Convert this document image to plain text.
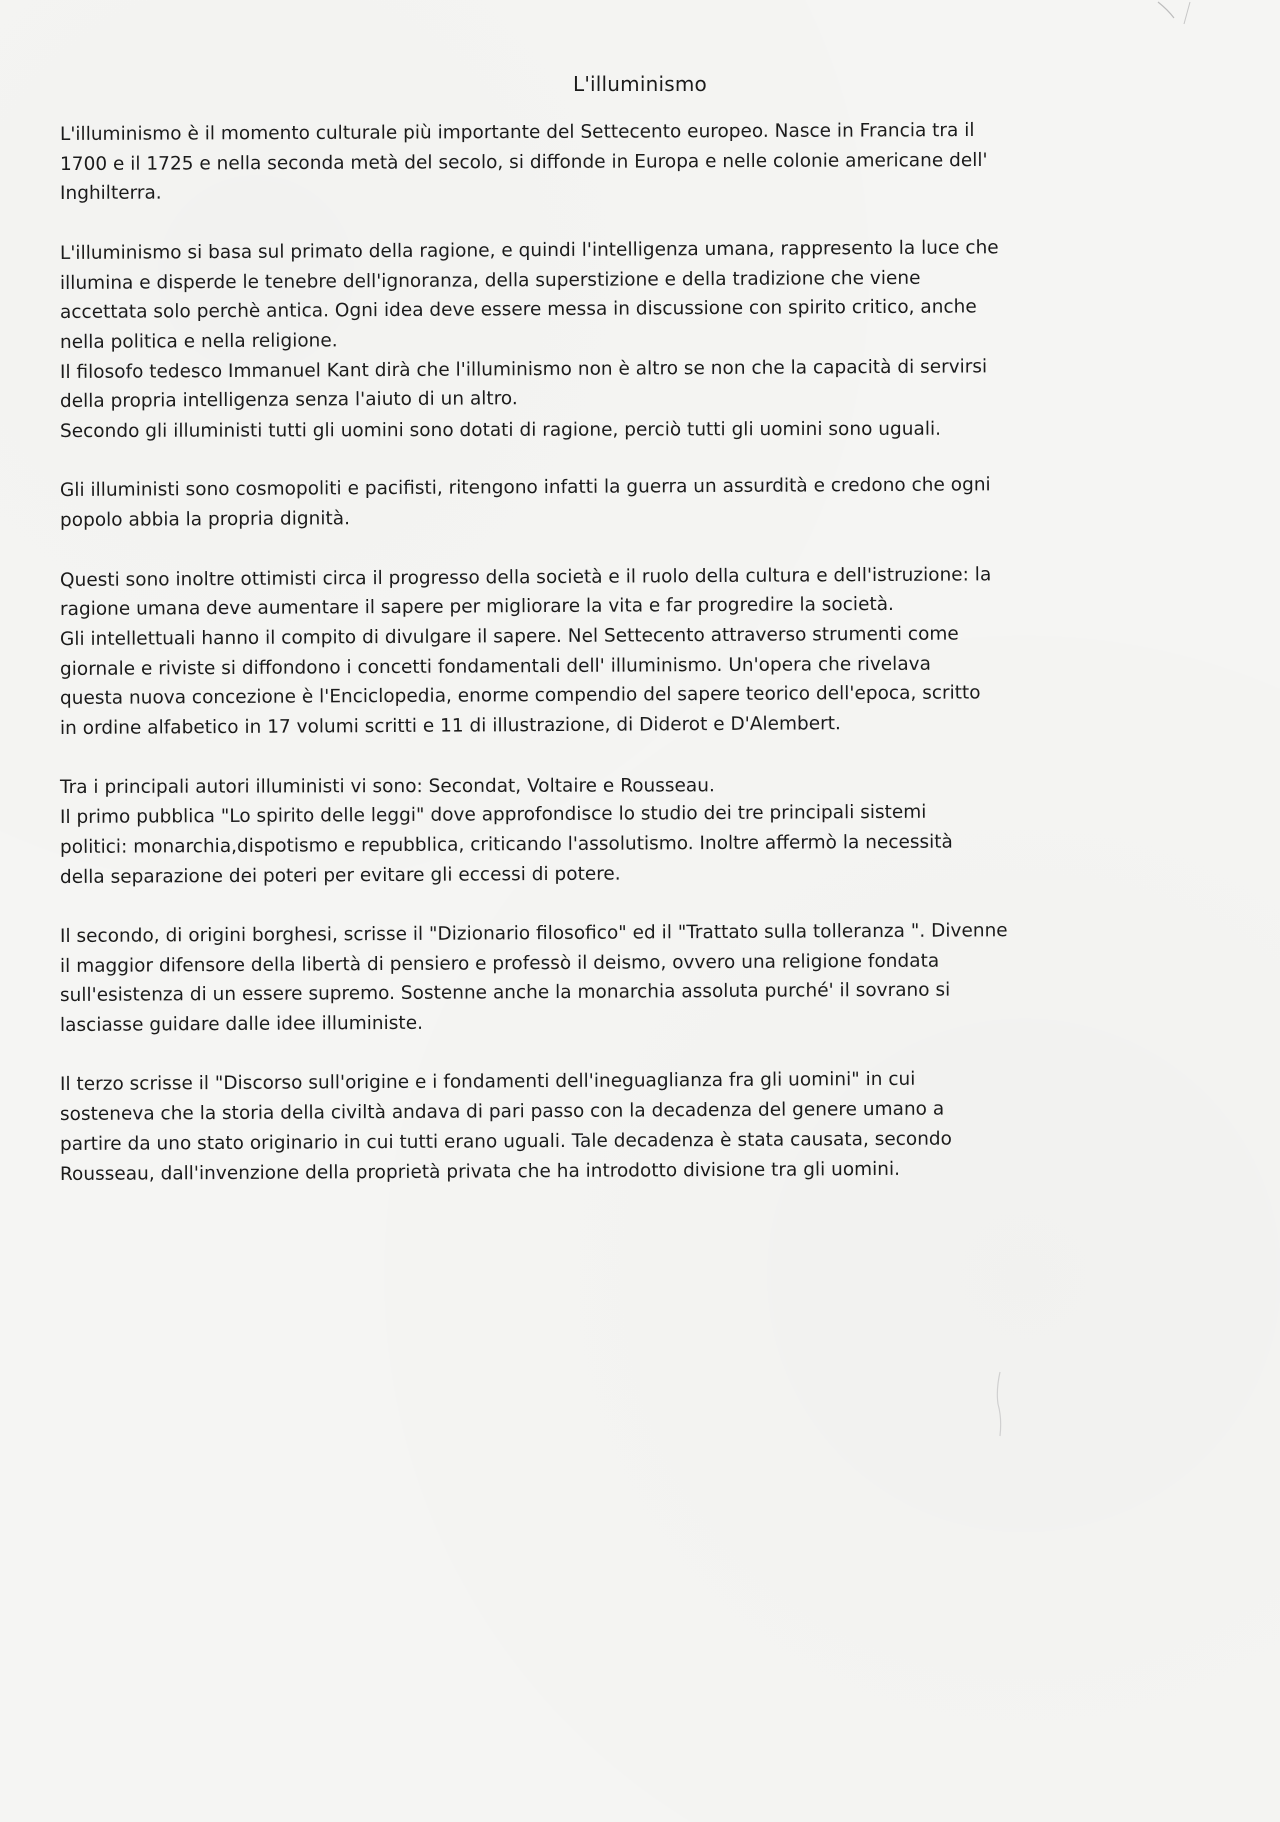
L'illuminismo

L'illuminismo è il momento culturale più importante del Settecento europeo. Nasce in Francia tra il
1700 e il 1725 e nella seconda metà del secolo, si diffonde in Europa e nelle colonie americane dell'
Inghilterra.

L'illuminismo si basa sul primato della ragione, e quindi l'intelligenza umana, rappresento la luce che
illumina e disperde le tenebre dell'ignoranza, della superstizione e della tradizione che viene
accettata solo perchè antica. Ogni idea deve essere messa in discussione con spirito critico, anche
nella politica e nella religione.
Il filosofo tedesco Immanuel Kant dirà che l'illuminismo non è altro se non che la capacità di servirsi
della propria intelligenza senza l'aiuto di un altro.
Secondo gli illuministi tutti gli uomini sono dotati di ragione, perciò tutti gli uomini sono uguali.

Gli illuministi sono cosmopoliti e pacifisti, ritengono infatti la guerra un assurdità e credono che ogni
popolo abbia la propria dignità.

Questi sono inoltre ottimisti circa il progresso della società e il ruolo della cultura e dell'istruzione: la
ragione umana deve aumentare il sapere per migliorare la vita e far progredire la società.
Gli intellettuali hanno il compito di divulgare il sapere. Nel Settecento attraverso strumenti come
giornale e riviste si diffondono i concetti fondamentali dell' illuminismo. Un'opera che rivelava
questa nuova concezione è l'Enciclopedia, enorme compendio del sapere teorico dell'epoca, scritto
in ordine alfabetico in 17 volumi scritti e 11 di illustrazione, di Diderot e D'Alembert.

Tra i principali autori illuministi vi sono: Secondat, Voltaire e Rousseau.
Il primo pubblica "Lo spirito delle leggi" dove approfondisce lo studio dei tre principali sistemi
politici: monarchia,dispotismo e repubblica, criticando l'assolutismo. Inoltre affermò la necessità
della separazione dei poteri per evitare gli eccessi di potere.

Il secondo, di origini borghesi, scrisse il "Dizionario filosofico" ed il "Trattato sulla tolleranza ". Divenne
il maggior difensore della libertà di pensiero e professò il deismo, ovvero una religione fondata
sull'esistenza di un essere supremo. Sostenne anche la monarchia assoluta purché' il sovrano si
lasciasse guidare dalle idee illuministe.

Il terzo scrisse il "Discorso sull'origine e i fondamenti dell'ineguaglianza fra gli uomini" in cui
sosteneva che la storia della civiltà andava di pari passo con la decadenza del genere umano a
partire da uno stato originario in cui tutti erano uguali. Tale decadenza è stata causata, secondo
Rousseau, dall'invenzione della proprietà privata che ha introdotto divisione tra gli uomini.
